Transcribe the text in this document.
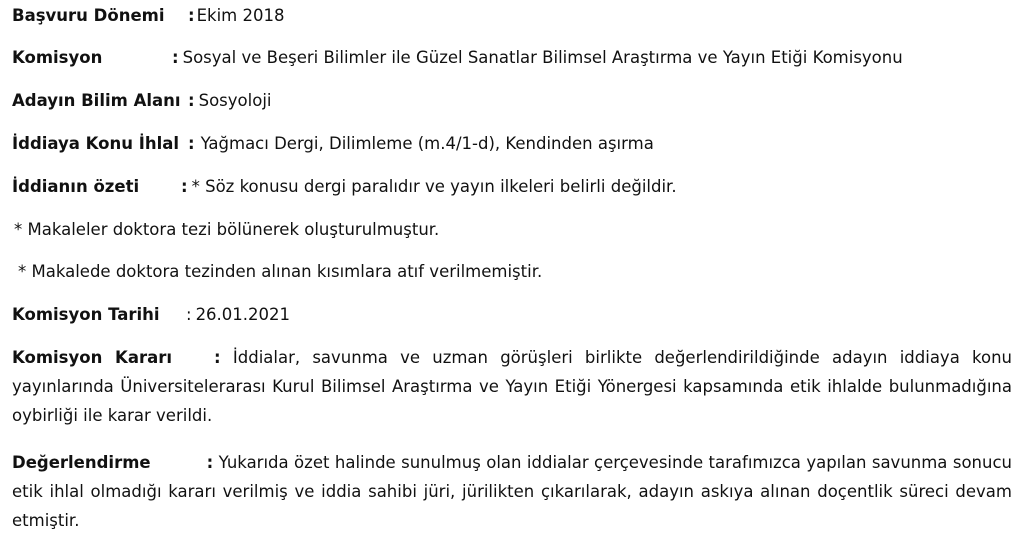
Başvuru Dönemi : Ekim 2018
Komisyon	: Sosyal ve Beşeri Bilimler ile Güzel Sanatlar Bilimsel Araştırma ve Yayın Etiği Komisyonu
Adayın Bilim Alanı : Sosyoloji
İddiaya Konu İhlal : Yağmacı Dergi, Dilimleme (m.4/1-d), Kendinden aşırma
İddianın özeti	: * Söz konusu dergi paralıdır ve yayın ilkeleri belirli değildir.
* Makaleler doktora tezi bölünerek oluşturulmuştur.
* Makalede doktora tezinden alınan kısımlara atıf verilmemiştir.
Komisyon Tarihi : 26.01.2021
Komisyon Kararı	: İddialar, savunma ve uzman görüşleri birlikte değerlendirildiğinde adayın iddiaya konu yayınlarında Üniversitelerarası Kurul Bilimsel Araştırma ve Yayın Etiği Yönergesi kapsamında etik ihlalde bulunmadığına oybirliği ile karar verildi.
Değerlendirme	: Yukarıda özet halinde sunulmuş olan iddialar çerçevesinde tarafımızca yapılan savunma sonucu etik ihlal olmadığı kararı verilmiş ve iddia sahibi jüri, jürilikten çıkarılarak, adayın askıya alınan doçentlik süreci devam etmiştir.
